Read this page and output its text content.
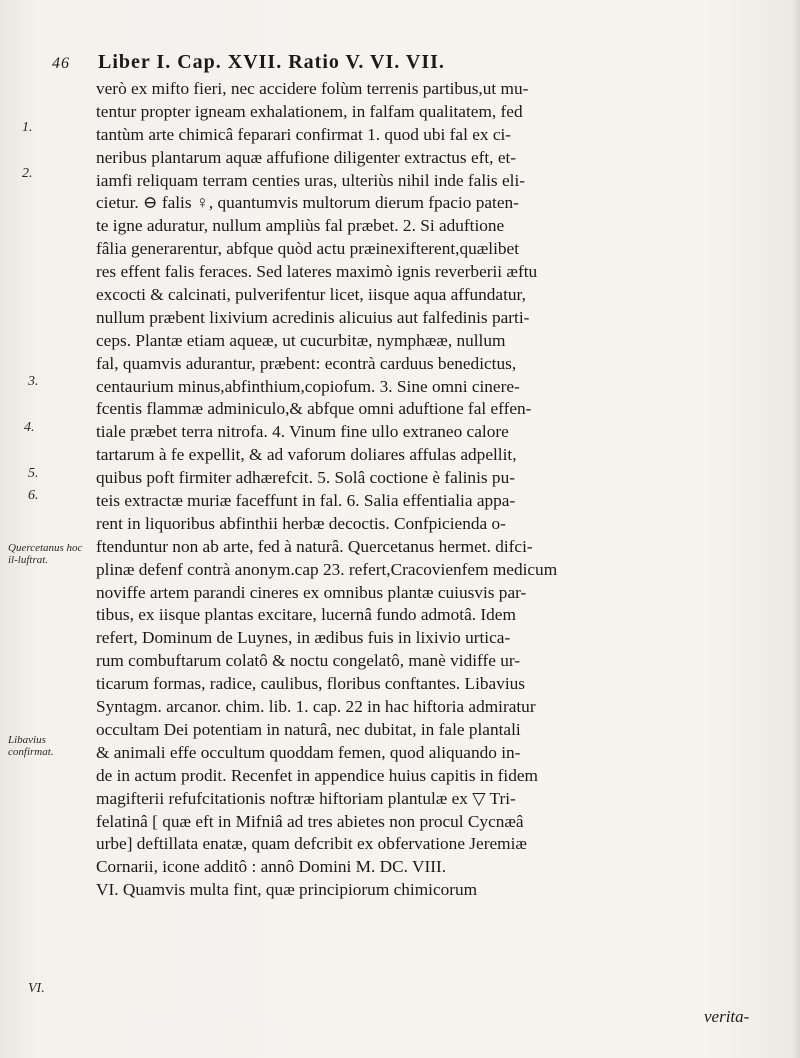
46 Liber I. Cap. XVII. Ratio V. VI. VII.
verò ex mifto fieri, nec accidere folùm terrenis partibus,ut mu-
tentur propter igneam exhalationem, in falfam qualitatem, fed
tantùm arte chimicâ feparari confirmat 1. quod ubi fal ex ci-
neribus plantarum aquæ affufione diligenter extractus eft, et-
iamfi reliquam terram centies uras, ulteriùs nihil inde falis eli-
cietur. ⊖ falis ♀, quantumvis multorum dierum fpacio paten-
te igne aduratur, nullum ampliùs fal præbet. 2. Si aduftione
fâlia generarentur, abfque quòd actu præinexifterent,quælibet
res effent falis feraces. Sed lateres maximò ignis reverberii æftu
excocti & calcinati, pulverifentur licet, iisque aqua affundatur,
nullum præbent lixivium acredinis alicuius aut falfedinis parti-
ceps. Plantæ etiam aqueæ, ut cucurbitæ, nymphææ, nullum
fal, quamvis adurantur, præbent: econtrà carduus benedictus,
centaurium minus,abfinthium,copiofum. 3. Sine omni cinere-
fcentis flammæ adminiculo,& abfque omni aduftione fal effen-
tiale præbet terra nitrofa. 4. Vinum fine ullo extraneo calore
tartarum à fe expellit, & ad vaforum doliares affulas adpellit,
quibus poft firmiter adhærefcit. 5. Solâ coctione è falinis pu-
teis extractæ muriæ faceffunt in fal. 6. Salia effentialia appa-
rent in liquoribus abfinthii herbæ decoctis. Confpicienda o-
ftenduntur non ab arte, fed à naturâ. Quercetanus hermet. difci-
plinæ defenf contrà anonym.cap 23. refert,Cracovienfem medicum
noviffe artem parandi cineres ex omnibus plantæ cuiusvis par-
tibus, ex iisque plantas excitare, lucernâ fundo admotâ. Idem
refert, Dominum de Luynes, in ædibus fuis in lixivio urtica-
rum combuftarum colatô & noctu congelatô, manè vidiffe ur-
ticarum formas, radice, caulibus, floribus conftantes. Libavius
Syntagm. arcanor. chim. lib. 1. cap. 22 in hac hiftoria admiratur
occultam Dei potentiam in naturâ, nec dubitat, in fale plantali
& animali effe occultum quoddam femen, quod aliquando in-
de in actum prodit. Recenfet in appendice huius capitis in fidem
magifterii refufcitationis noftræ hiftoriam plantulæ ex ▽ Tri-
felatinâ [ quæ eft in Mifniâ ad tres abietes non procul Cycnæâ
urbe] deftillata enatæ, quam defcribit ex obfervatione Jeremiæ
Cornarii, icone additô : annô Domini M. DC. VIII.
VI. Quamvis multa fint, quæ principiorum chimicorum
1.
2.
3.
4.
5.
6.
Quercetanus hoc il-luftrat.
Libavius confirmat.
VI.
verita-
